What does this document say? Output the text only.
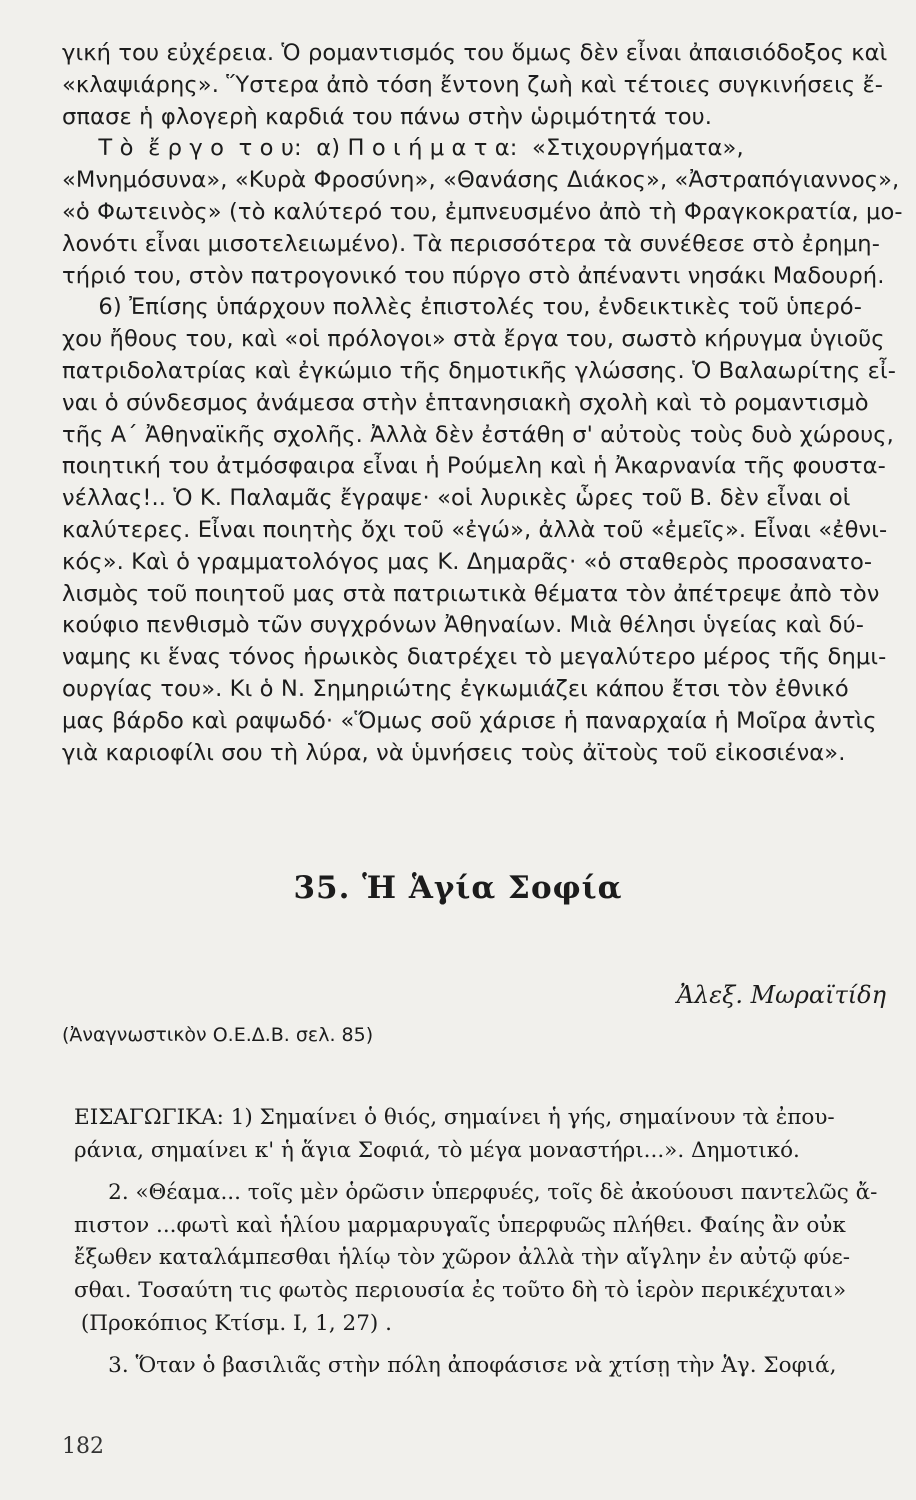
γική του εὐχέρεια. Ὁ ρομαντισμός του ὅμως δὲν εἶναι ἀπαισιόδοξος καὶ
«κλαψιάρης». Ὕστερα ἀπὸ τόση ἔντονη ζωὴ καὶ τέτοιες συγκινήσεις ἔ-
σπασε ἡ φλογερὴ καρδιά του πάνω στὴν ὡριμότητά του.
Τ ὸ  ἔ ρ γ ο  τ ο υ:  α) Π ο ι ή μ α τ α:  «Στιχουργήματα»,
«Μνημόσυνα», «Κυρὰ Φροσύνη», «Θανάσης Διάκος», «Ἀστραπόγιαννος»,
«ὁ Φωτεινὸς» (τὸ καλύτερό του, ἐμπνευσμένο ἀπὸ τὴ Φραγκοκρατία, μο-
λονότι εἶναι μισοτελειωμένο). Τὰ περισσότερα τὰ συνέθεσε στὸ ἐρημη-
τήριό του, στὸν πατρογονικό του πύργο στὸ ἀπέναντι νησάκι Μαδουρή.
6) Ἐπίσης ὑπάρχουν πολλὲς ἐπιστολές του, ἐνδεικτικὲς τοῦ ὑπερό-
χου ἤθους του, καὶ «οἱ πρόλογοι» στὰ ἔργα του, σωστὸ κήρυγμα ὑγιοῦς
πατριδολατρίας καὶ ἐγκώμιο τῆς δημοτικῆς γλώσσης. Ὁ Βαλαωρίτης εἶ-
ναι ὁ σύνδεσμος ἀνάμεσα στὴν ἑπτανησιακὴ σχολὴ καὶ τὸ ρομαντισμὸ
τῆς Α΄ Ἀθηναϊκῆς σχολῆς. Ἀλλὰ δὲν ἐστάθη σ' αὐτοὺς τοὺς δυὸ χώρους,
ποιητική του ἀτμόσφαιρα εἶναι ἡ Ρούμελη καὶ ἡ Ἀκαρνανία τῆς φουστα-
νέλλας!.. Ὁ Κ. Παλαμᾶς ἔγραψε· «οἱ λυρικὲς ὧρες τοῦ Β. δὲν εἶναι οἱ
καλύτερες. Εἶναι ποιητὴς ὄχι τοῦ «ἐγώ», ἀλλὰ τοῦ «ἐμεῖς». Εἶναι «ἐθνι-
κός». Καὶ ὁ γραμματολόγος μας Κ. Δημαρᾶς· «ὁ σταθερὸς προσανατο-
λισμὸς τοῦ ποιητοῦ μας στὰ πατριωτικὰ θέματα τὸν ἀπέτρεψε ἀπὸ τὸν
κούφιο πενθισμὸ τῶν συγχρόνων Ἀθηναίων. Μιὰ θέλησι ὑγείας καὶ δύ-
ναμης κι ἕνας τόνος ἡρωικὸς διατρέχει τὸ μεγαλύτερο μέρος τῆς δημι-
ουργίας του». Κι ὁ Ν. Σημηριώτης ἐγκωμιάζει κάπου ἔτσι τὸν ἐθνικό
μας βάρδο καὶ ραψωδό· «Ὅμως σοῦ χάρισε ἡ παναρχαία ἡ Μοῖρα ἀντὶς
γιὰ καριοφίλι σου τὴ λύρα, νὰ ὑμνήσεις τοὺς ἀϊτοὺς τοῦ εἰκοσιένα».
35. Ἡ Ἁγία Σοφία
Ἀλεξ. Μωραϊτίδη
(Ἀναγνωστικὸν Ο.Ε.Δ.Β. σελ. 85)
ΕΙΣΑΓΩΓΙΚΑ: 1) Σημαίνει ὁ θιός, σημαίνει ἡ γής, σημαίνουν τὰ ἐπου-
ράνια, σημαίνει κ' ἡ ἅγια Σοφιά, τὸ μέγα μοναστήρι...». Δημοτικό.
2. «Θέαμα... τοῖς μὲν ὁρῶσιν ὑπερφυές, τοῖς δὲ ἀκούουσι παντελῶς ἄ-
πιστον ...φωτὶ καὶ ἡλίου μαρμαρυγαῖς ὑπερφυῶς πλήθει. Φαίης ἂν οὐκ
ἔξωθεν καταλάμπεσθαι ἡλίῳ τὸν χῶρον ἀλλὰ τὴν αἴγλην ἐν αὐτῷ φύε-
σθαι. Τοσαύτη τις φωτὸς περιουσία ἐς τοῦτο δὴ τὸ ἱερὸν περικέχυται»
(Προκόπιος Κτίσμ. Ι, 1, 27) .
3. Ὅταν ὁ βασιλιᾶς στὴν πόλη ἀποφάσισε νὰ χτίσῃ τὴν Ἁγ. Σοφιά,
182
